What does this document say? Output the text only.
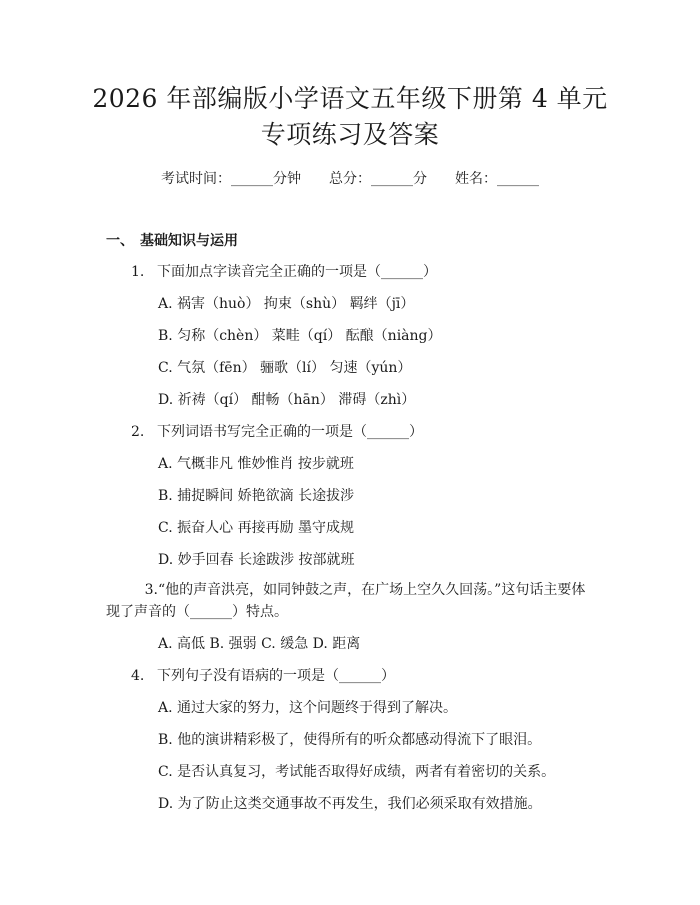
2026 年部编版小学语文五年级下册第 4 单元
专项练习及答案
考试时间：______分钟 总分：______分 姓名：______
一、 基础知识与运用
1. 下面加点字读音完全正确的一项是（______）
A. 祸害（huò） 拘束（shù） 羁绊（jī）
B. 匀称（chèn） 菜畦（qí） 酝酿（niàng）
C. 气氛（fēn） 骊歌（lí） 匀速（yún）
D. 祈祷（qí） 酣畅（hān） 滞碍（zhì）
2. 下列词语书写完全正确的一项是（______）
A. 气概非凡 惟妙惟肖 按步就班
B. 捕捉瞬间 娇艳欲滴 长途拔涉
C. 振奋人心 再接再励 墨守成规
D. 妙手回春 长途跋涉 按部就班
3.“他的声音洪亮，如同钟鼓之声，在广场上空久久回荡。”这句话主要体现了声音的（______）特点。
A. 高低 B. 强弱 C. 缓急 D. 距离
4. 下列句子没有语病的一项是（______）
A. 通过大家的努力，这个问题终于得到了解决。
B. 他的演讲精彩极了，使得所有的听众都感动得流下了眼泪。
C. 是否认真复习，考试能否取得好成绩，两者有着密切的关系。
D. 为了防止这类交通事故不再发生，我们必须采取有效措施。
